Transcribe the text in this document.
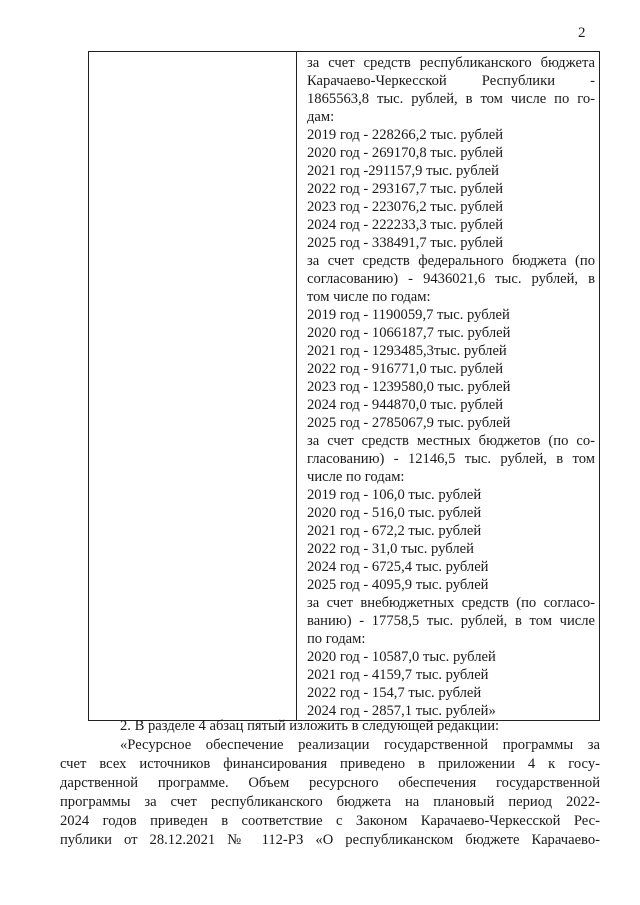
2

за счет средств республиканского бюджета
Карачаево-Черкесской Республики -
1865563,8 тыс. рублей, в том числе по го-
дам:
2019 год - 228266,2 тыс. рублей
2020 год - 269170,8 тыс. рублей
2021 год -291157,9 тыс. рублей
2022 год - 293167,7 тыс. рублей
2023 год - 223076,2 тыс. рублей
2024 год - 222233,3 тыс. рублей
2025 год - 338491,7 тыс. рублей
за счет средств федерального бюджета (по
согласованию) - 9436021,6 тыс. рублей, в
том числе по годам:
2019 год - 1190059,7 тыс. рублей
2020 год - 1066187,7 тыс. рублей
2021 год - 1293485,3тыс. рублей
2022 год - 916771,0 тыс. рублей
2023 год - 1239580,0 тыс. рублей
2024 год - 944870,0 тыс. рублей
2025 год - 2785067,9 тыс. рублей
за счет средств местных бюджетов (по со-
гласованию) - 12146,5 тыс. рублей, в том
числе по годам:
2019 год - 106,0 тыс. рублей
2020 год - 516,0 тыс. рублей
2021 год - 672,2 тыс. рублей
2022 год - 31,0 тыс. рублей
2024 год - 6725,4 тыс. рублей
2025 год - 4095,9 тыс. рублей
за счет внебюджетных средств (по согласо-
ванию) - 17758,5 тыс. рублей, в том числе
по годам:
2020 год - 10587,0 тыс. рублей
2021 год - 4159,7 тыс. рублей
2022 год - 154,7 тыс. рублей
2024 год - 2857,1 тыс. рублей»
2. В разделе 4 абзац пятый изложить в следующей редакции:
«Ресурсное обеспечение реализации государственной программы за
счет всех источников финансирования приведено в приложении 4 к госу-
дарственной программе. Объем ресурсного обеспечения государственной
программы за счет республиканского бюджета на плановый период 2022-
2024 годов приведен в соответствие с Законом Карачаево-Черкесской Рес-
публики от 28.12.2021 № 112-РЗ «О республиканском бюджете Карачаево-
